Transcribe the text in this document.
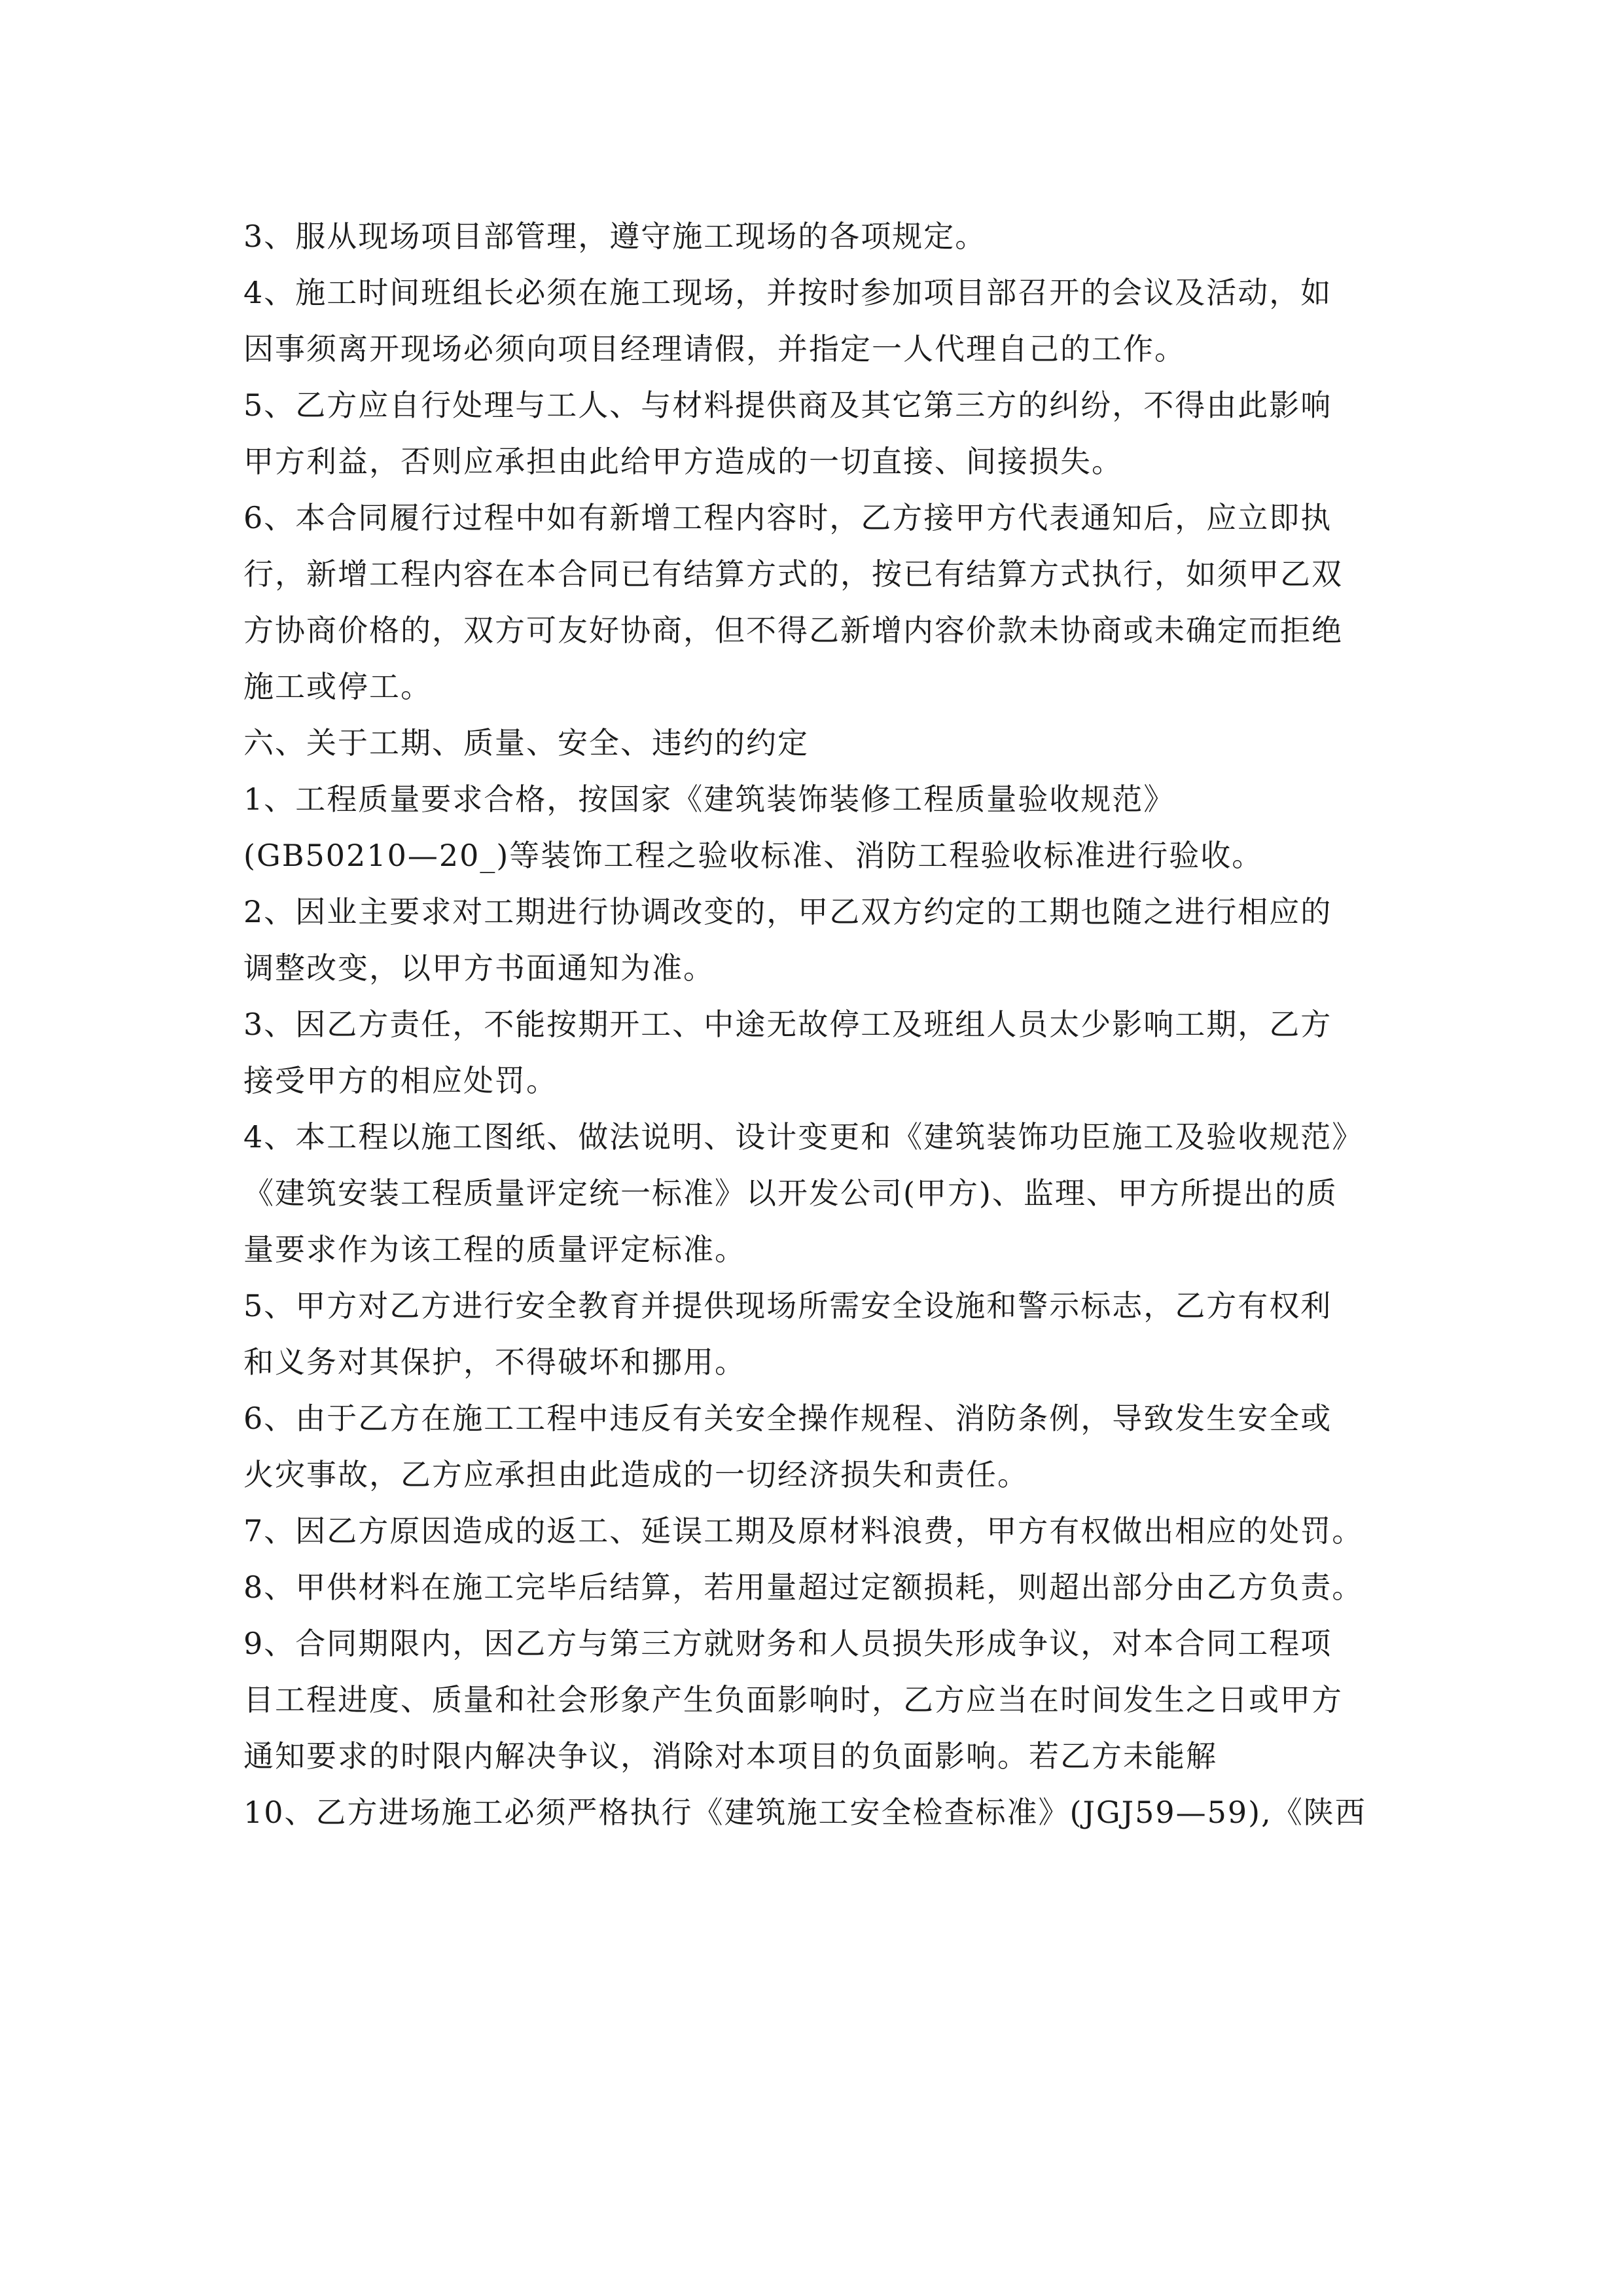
3、服从现场项目部管理，遵守施工现场的各项规定。
4、施工时间班组长必须在施工现场，并按时参加项目部召开的会议及活动，如
因事须离开现场必须向项目经理请假，并指定一人代理自己的工作。
5、乙方应自行处理与工人、与材料提供商及其它第三方的纠纷，不得由此影响
甲方利益，否则应承担由此给甲方造成的一切直接、间接损失。
6、本合同履行过程中如有新增工程内容时，乙方接甲方代表通知后，应立即执
行，新增工程内容在本合同已有结算方式的，按已有结算方式执行，如须甲乙双
方协商价格的，双方可友好协商，但不得乙新增内容价款未协商或未确定而拒绝
施工或停工。
六、关于工期、质量、安全、违约的约定
1、工程质量要求合格，按国家《建筑装饰装修工程质量验收规范》
(GB50210—20_)等装饰工程之验收标准、消防工程验收标准进行验收。
2、因业主要求对工期进行协调改变的，甲乙双方约定的工期也随之进行相应的
调整改变，以甲方书面通知为准。
3、因乙方责任，不能按期开工、中途无故停工及班组人员太少影响工期，乙方
接受甲方的相应处罚。
4、本工程以施工图纸、做法说明、设计变更和《建筑装饰功臣施工及验收规范》
《建筑安装工程质量评定统一标准》以开发公司(甲方)、监理、甲方所提出的质
量要求作为该工程的质量评定标准。
5、甲方对乙方进行安全教育并提供现场所需安全设施和警示标志，乙方有权利
和义务对其保护，不得破坏和挪用。
6、由于乙方在施工工程中违反有关安全操作规程、消防条例，导致发生安全或
火灾事故，乙方应承担由此造成的一切经济损失和责任。
7、因乙方原因造成的返工、延误工期及原材料浪费，甲方有权做出相应的处罚。
8、甲供材料在施工完毕后结算，若用量超过定额损耗，则超出部分由乙方负责。
9、合同期限内，因乙方与第三方就财务和人员损失形成争议，对本合同工程项
目工程进度、质量和社会形象产生负面影响时，乙方应当在时间发生之日或甲方
通知要求的时限内解决争议，消除对本项目的负面影响。若乙方未能解
10、乙方进场施工必须严格执行《建筑施工安全检查标准》(JGJ59—59),《陕西
